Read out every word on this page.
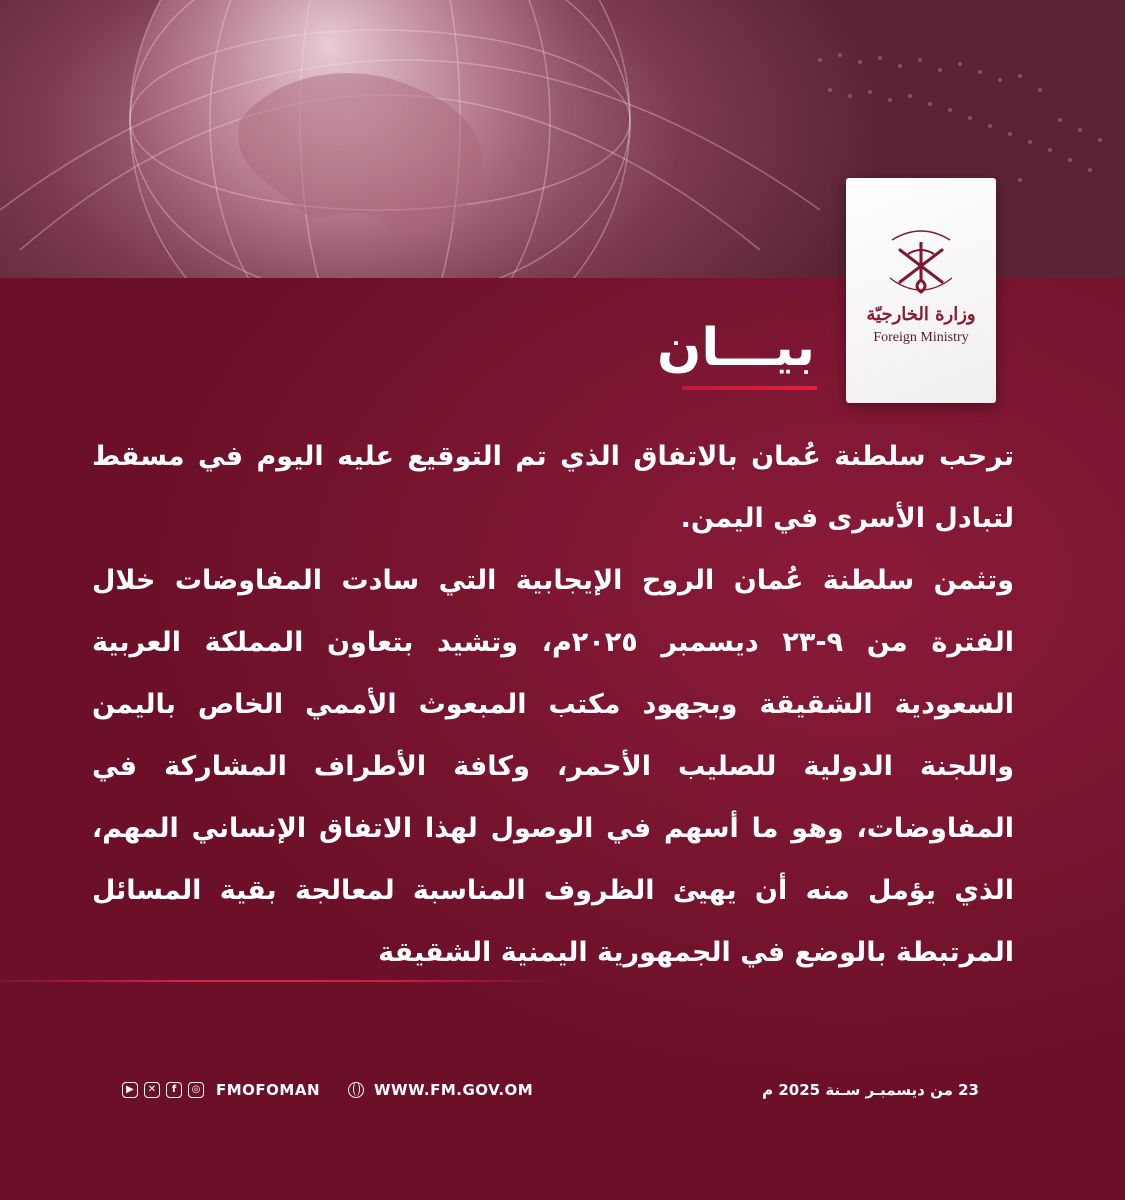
وزارة الخارجيّة
Foreign Ministry
بيـــان

ترحب سلطنة عُمان بالاتفاق الذي تم التوقيع عليه اليوم في مسقط لتبادل الأسرى في اليمن.

وتثمن سلطنة عُمان الروح الإيجابية التي سادت المفاوضات خلال الفترة من ٩-٢٣ ديسمبر ٢٠٢٥م، وتشيد بتعاون المملكة العربية السعودية الشقيقة وبجهود مكتب المبعوث الأممي الخاص باليمن واللجنة الدولية للصليب الأحمر، وكافة الأطراف المشاركة في المفاوضات، وهو ما أسهم في الوصول لهذا الاتفاق الإنساني المهم، الذي يؤمل منه أن يهيئ الظروف المناسبة لمعالجة بقية المسائل المرتبطة بالوضع في الجمهورية اليمنية الشقيقة

▶	✕	f	◎ FMOFOMAN	WWW.FM.GOV.OM	23 من ديسمبـر سـنة 2025 م
